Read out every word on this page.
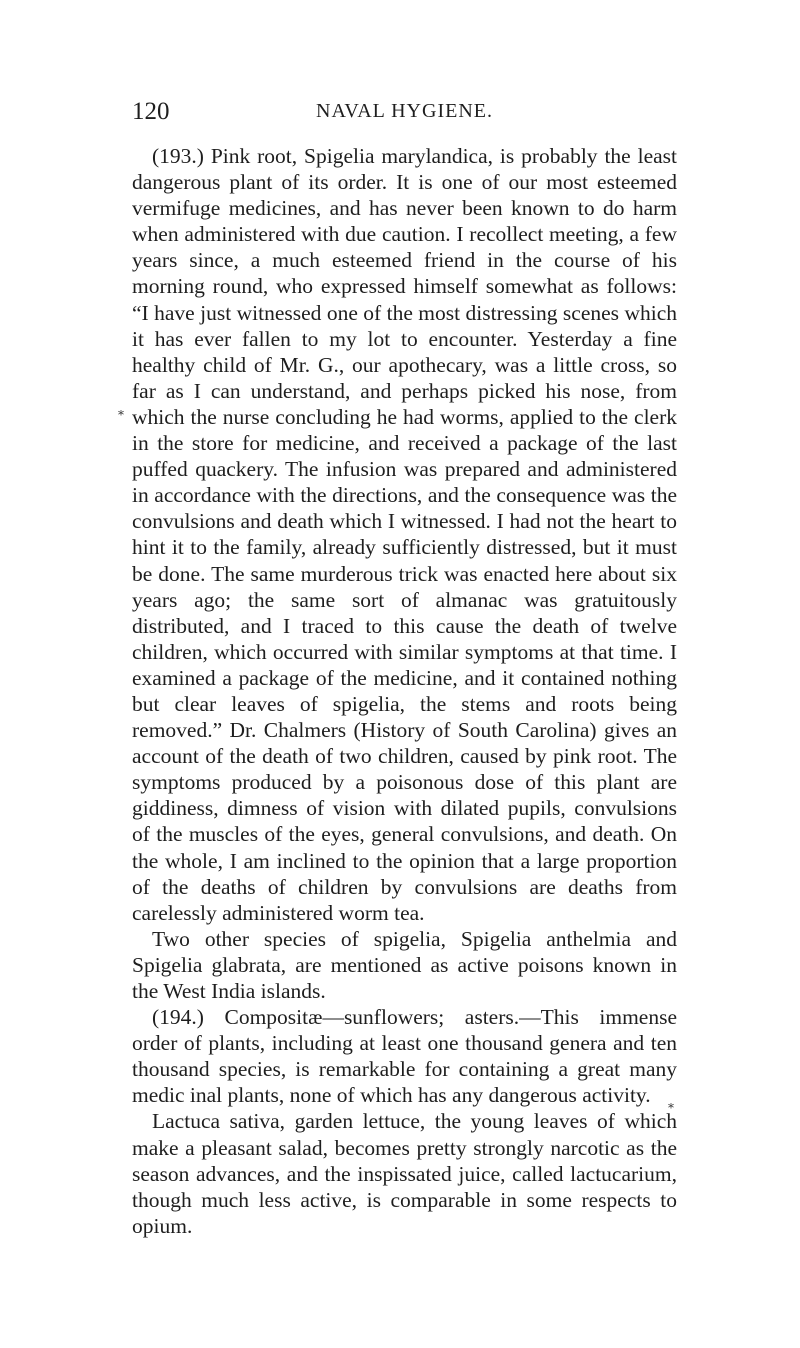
120	NAVAL HYGIENE.

(193.) Pink root, Spigelia marylandica, is probably the least dangerous plant of its order. It is one of our most esteemed vermifuge medicines, and has never been known to do harm when administered with due caution. I recollect meeting, a few years since, a much esteemed friend in the course of his morning round, who expressed himself somewhat as follows: “I have just witnessed one of the most distressing scenes which it has ever fallen to my lot to encounter. Yesterday a fine healthy child of Mr. G., our apothecary, was a little cross, so far as I can understand, and perhaps picked his nose, from which the nurse concluding he had worms, applied to the clerk in the store for medicine, and received a package of the last puffed quackery. The infusion was prepared and administered in accordance with the directions, and the consequence was the convulsions and death which I witnessed. I had not the heart to hint it to the family, already sufficiently distressed, but it must be done. The same murderous trick was enacted here about six years ago; the same sort of almanac was gratuitously distributed, and I traced to this cause the death of twelve children, which occurred with similar symptoms at that time. I examined a package of the medicine, and it contained nothing but clear leaves of spigelia, the stems and roots being removed.” Dr. Chalmers (History of South Carolina) gives an account of the death of two children, caused by pink root. The symptoms produced by a poisonous dose of this plant are giddiness, dimness of vision with dilated pupils, convulsions of the muscles of the eyes, general convulsions, and death. On the whole, I am inclined to the opinion that a large proportion of the deaths of children by convulsions are deaths from carelessly administered worm tea.

Two other species of spigelia, Spigelia anthelmia and Spigelia glabrata, are mentioned as active poisons known in the West India islands.

(194.) Compositæ—sunflowers; asters.—This immense order of plants, including at least one thousand genera and ten thousand species, is remarkable for containing a great many medic inal plants, none of which has any dangerous activity.

Lactuca sativa, garden lettuce, the young leaves of which make a pleasant salad, becomes pretty strongly narcotic as the season advances, and the inspissated juice, called lactucarium, though much less active, is comparable in some respects to opium.

⁎
⁎
